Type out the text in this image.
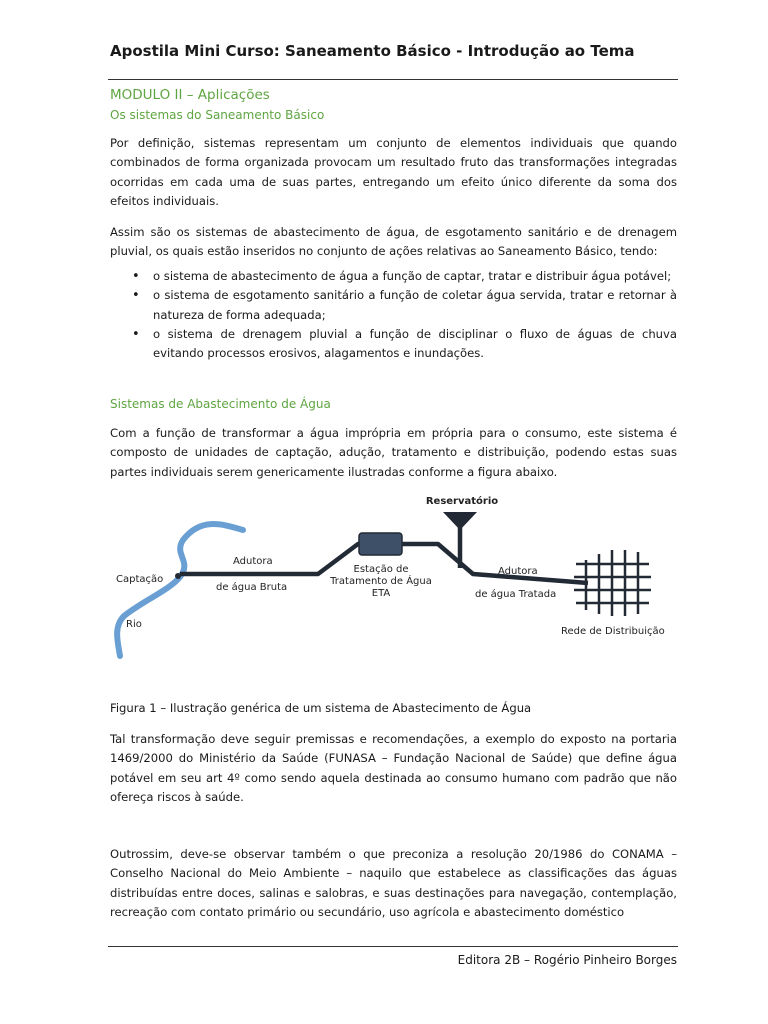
Apostila Mini Curso: Saneamento Básico - Introdução ao Tema
MODULO II – Aplicações
Os sistemas do Saneamento Básico

Por definição, sistemas representam um conjunto de elementos individuais que quando combinados de forma organizada provocam um resultado fruto das transformações integradas ocorridas em cada uma de suas partes, entregando um efeito único diferente da soma dos efeitos individuais.

Assim são os sistemas de abastecimento de água, de esgotamento sanitário e de drenagem pluvial, os quais estão inseridos no conjunto de ações relativas ao Saneamento Básico, tendo:

• o sistema de abastecimento de água a função de captar, tratar e distribuir água potável;
• o sistema de esgotamento sanitário a função de coletar água servida, tratar e retornar à natureza de forma adequada;
• o sistema de drenagem pluvial a função de disciplinar o fluxo de águas de chuva evitando processos erosivos, alagamentos e inundações.
Sistemas de Abastecimento de Água

Com a função de transformar a água imprópria em própria para o consumo, este sistema é composto de unidades de captação, adução, tratamento e distribuição, podendo estas suas partes individuais serem genericamente ilustradas conforme a figura abaixo.

Captação
Rio
Adutora
de água Bruta
Estação de
Tratamento de Água
ETA
Reservatório
Adutora
de água Tratada
Rede de Distribuição
Figura 1 – Ilustração genérica de um sistema de Abastecimento de Água

Tal transformação deve seguir premissas e recomendações, a exemplo do exposto na portaria 1469/2000 do Ministério da Saúde (FUNASA – Fundação Nacional de Saúde) que define água potável em seu art 4º como sendo aquela destinada ao consumo humano com padrão que não ofereça riscos à saúde.

Outrossim, deve-se observar também o que preconiza a resolução 20/1986 do CONAMA – Conselho Nacional do Meio Ambiente – naquilo que estabelece as classificações das águas distribuídas entre doces, salinas e salobras, e suas destinações para navegação, contemplação, recreação com contato primário ou secundário, uso agrícola e abastecimento doméstico

Editora 2B – Rogério Pinheiro Borges
